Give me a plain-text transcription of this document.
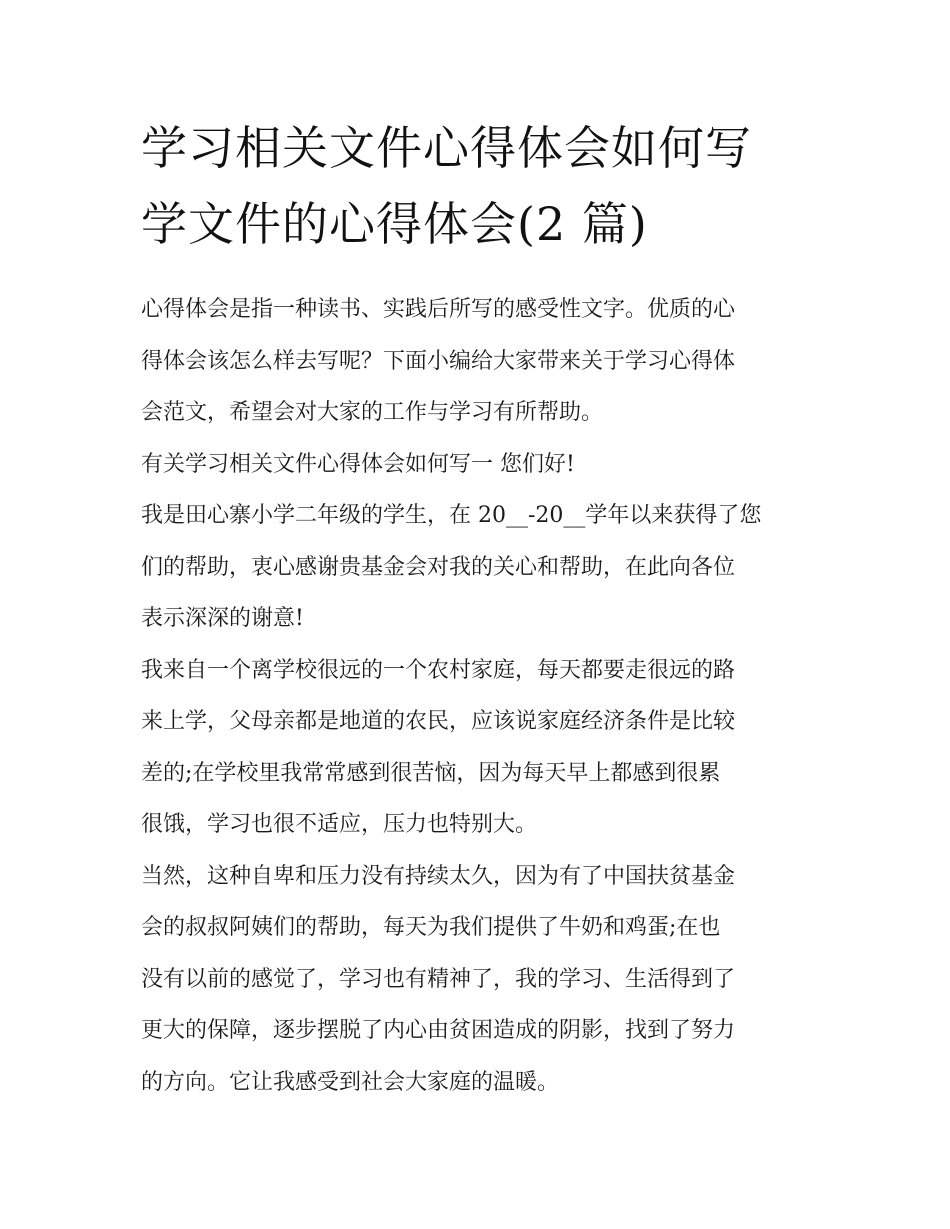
学习相关文件心得体会如何写
学文件的心得体会(2 篇)

心得体会是指一种读书、实践后所写的感受性文字。优质的心
得体会该怎么样去写呢？下面小编给大家带来关于学习心得体
会范文，希望会对大家的工作与学习有所帮助。

有关学习相关文件心得体会如何写一 您们好!

我是田心寨小学二年级的学生，在 20__-20__学年以来获得了您
们的帮助，衷心感谢贵基金会对我的关心和帮助，在此向各位
表示深深的谢意!

我来自一个离学校很远的一个农村家庭，每天都要走很远的路
来上学，父母亲都是地道的农民，应该说家庭经济条件是比较
差的;在学校里我常常感到很苦恼，因为每天早上都感到很累
很饿，学习也很不适应，压力也特别大。

当然，这种自卑和压力没有持续太久，因为有了中国扶贫基金
会的叔叔阿姨们的帮助，每天为我们提供了牛奶和鸡蛋;在也
没有以前的感觉了，学习也有精神了，我的学习、生活得到了
更大的保障，逐步摆脱了内心由贫困造成的阴影，找到了努力
的方向。它让我感受到社会大家庭的温暖。
